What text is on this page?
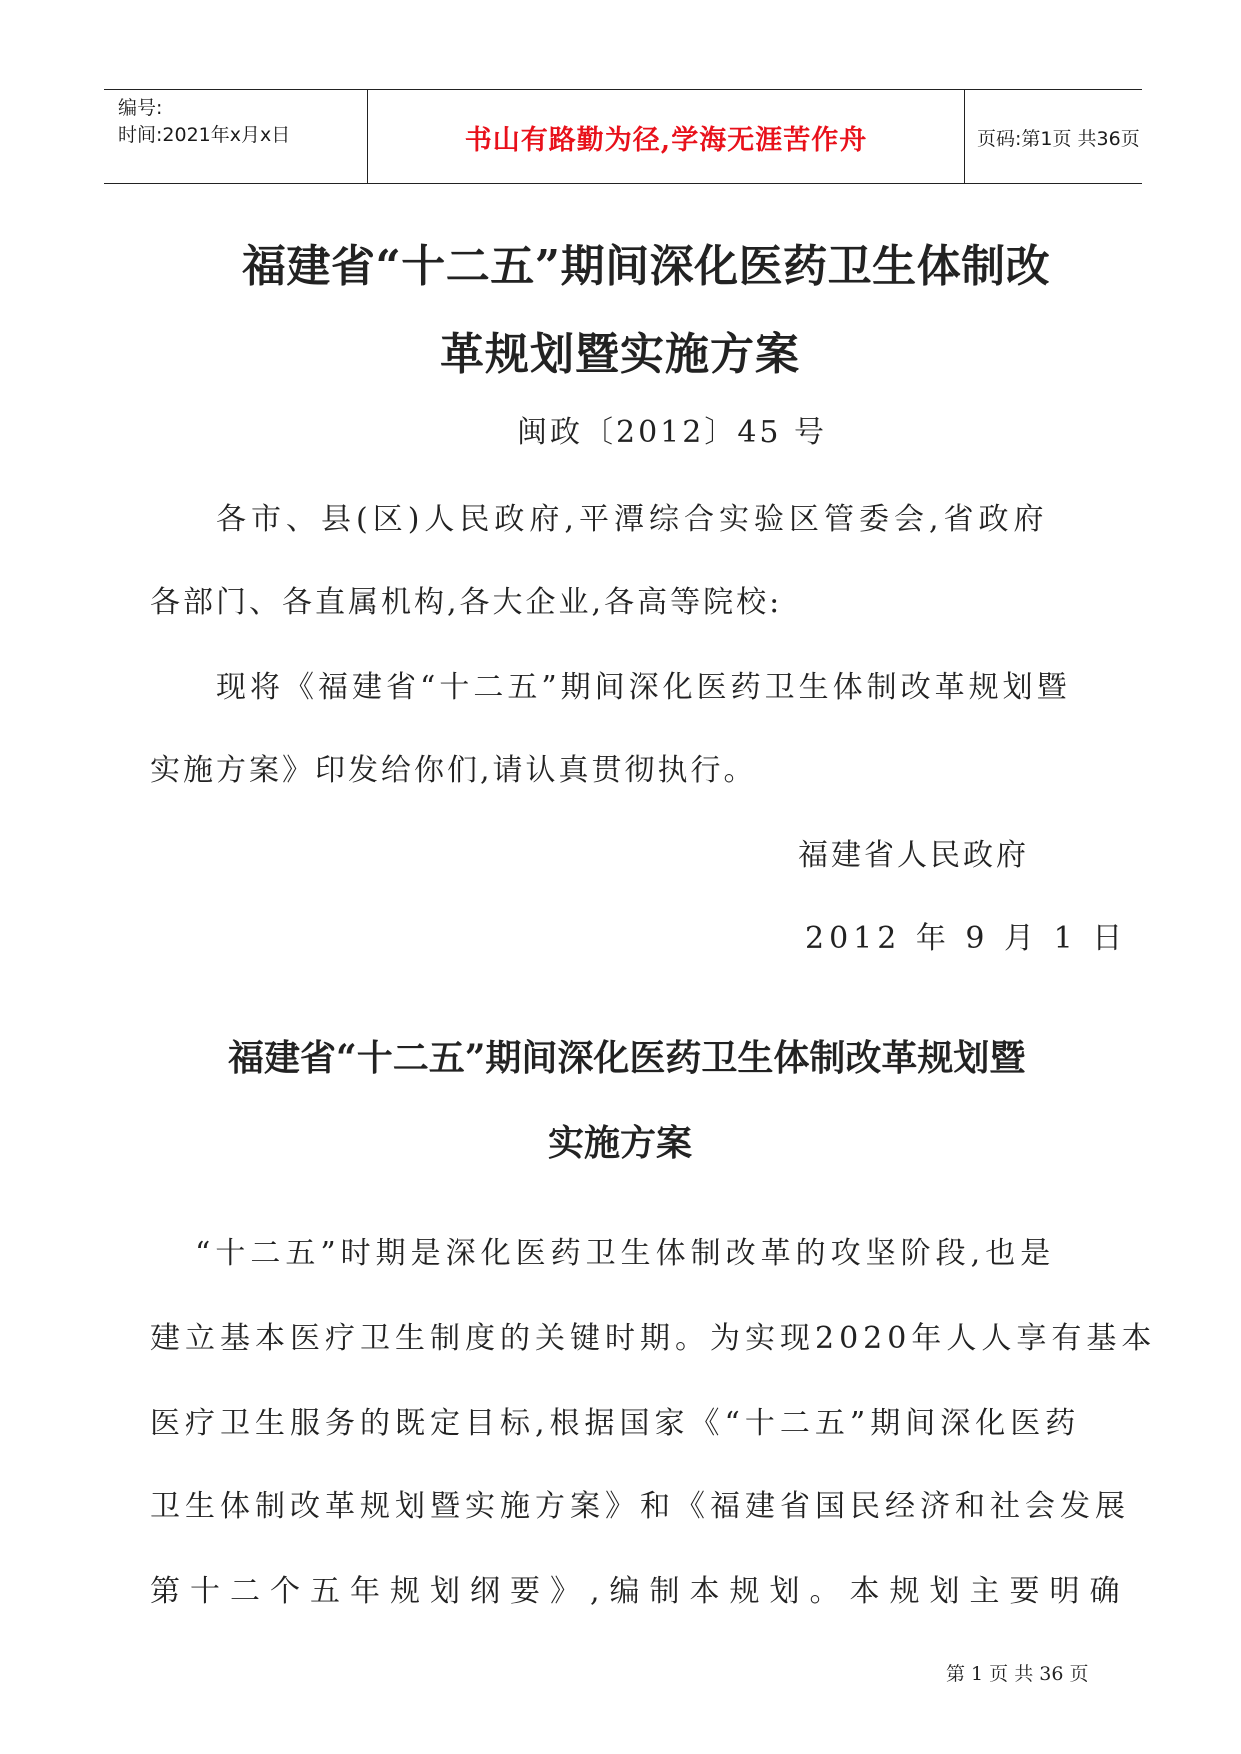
编号:
时间:2021年x月x日	书山有路勤为径,学海无涯苦作舟	页码:第1页 共36页
福建省“十二五”期间深化医药卫生体制改
革规划暨实施方案
闽政〔2012〕45 号
各市、县(区)人民政府,平潭综合实验区管委会,省政府
各部门、各直属机构,各大企业,各高等院校:
现将《福建省“十二五”期间深化医药卫生体制改革规划暨
实施方案》印发给你们,请认真贯彻执行。
福建省人民政府
2012 年 9 月 1 日
福建省“十二五”期间深化医药卫生体制改革规划暨
实施方案
“十二五”时期是深化医药卫生体制改革的攻坚阶段,也是
建立基本医疗卫生制度的关键时期。为实现2020年人人享有基本
医疗卫生服务的既定目标,根据国家《“十二五”期间深化医药
卫生体制改革规划暨实施方案》和《福建省国民经济和社会发展
第十二个五年规划纲要》,编制本规划。本规划主要明确
第 1 页 共 36 页
